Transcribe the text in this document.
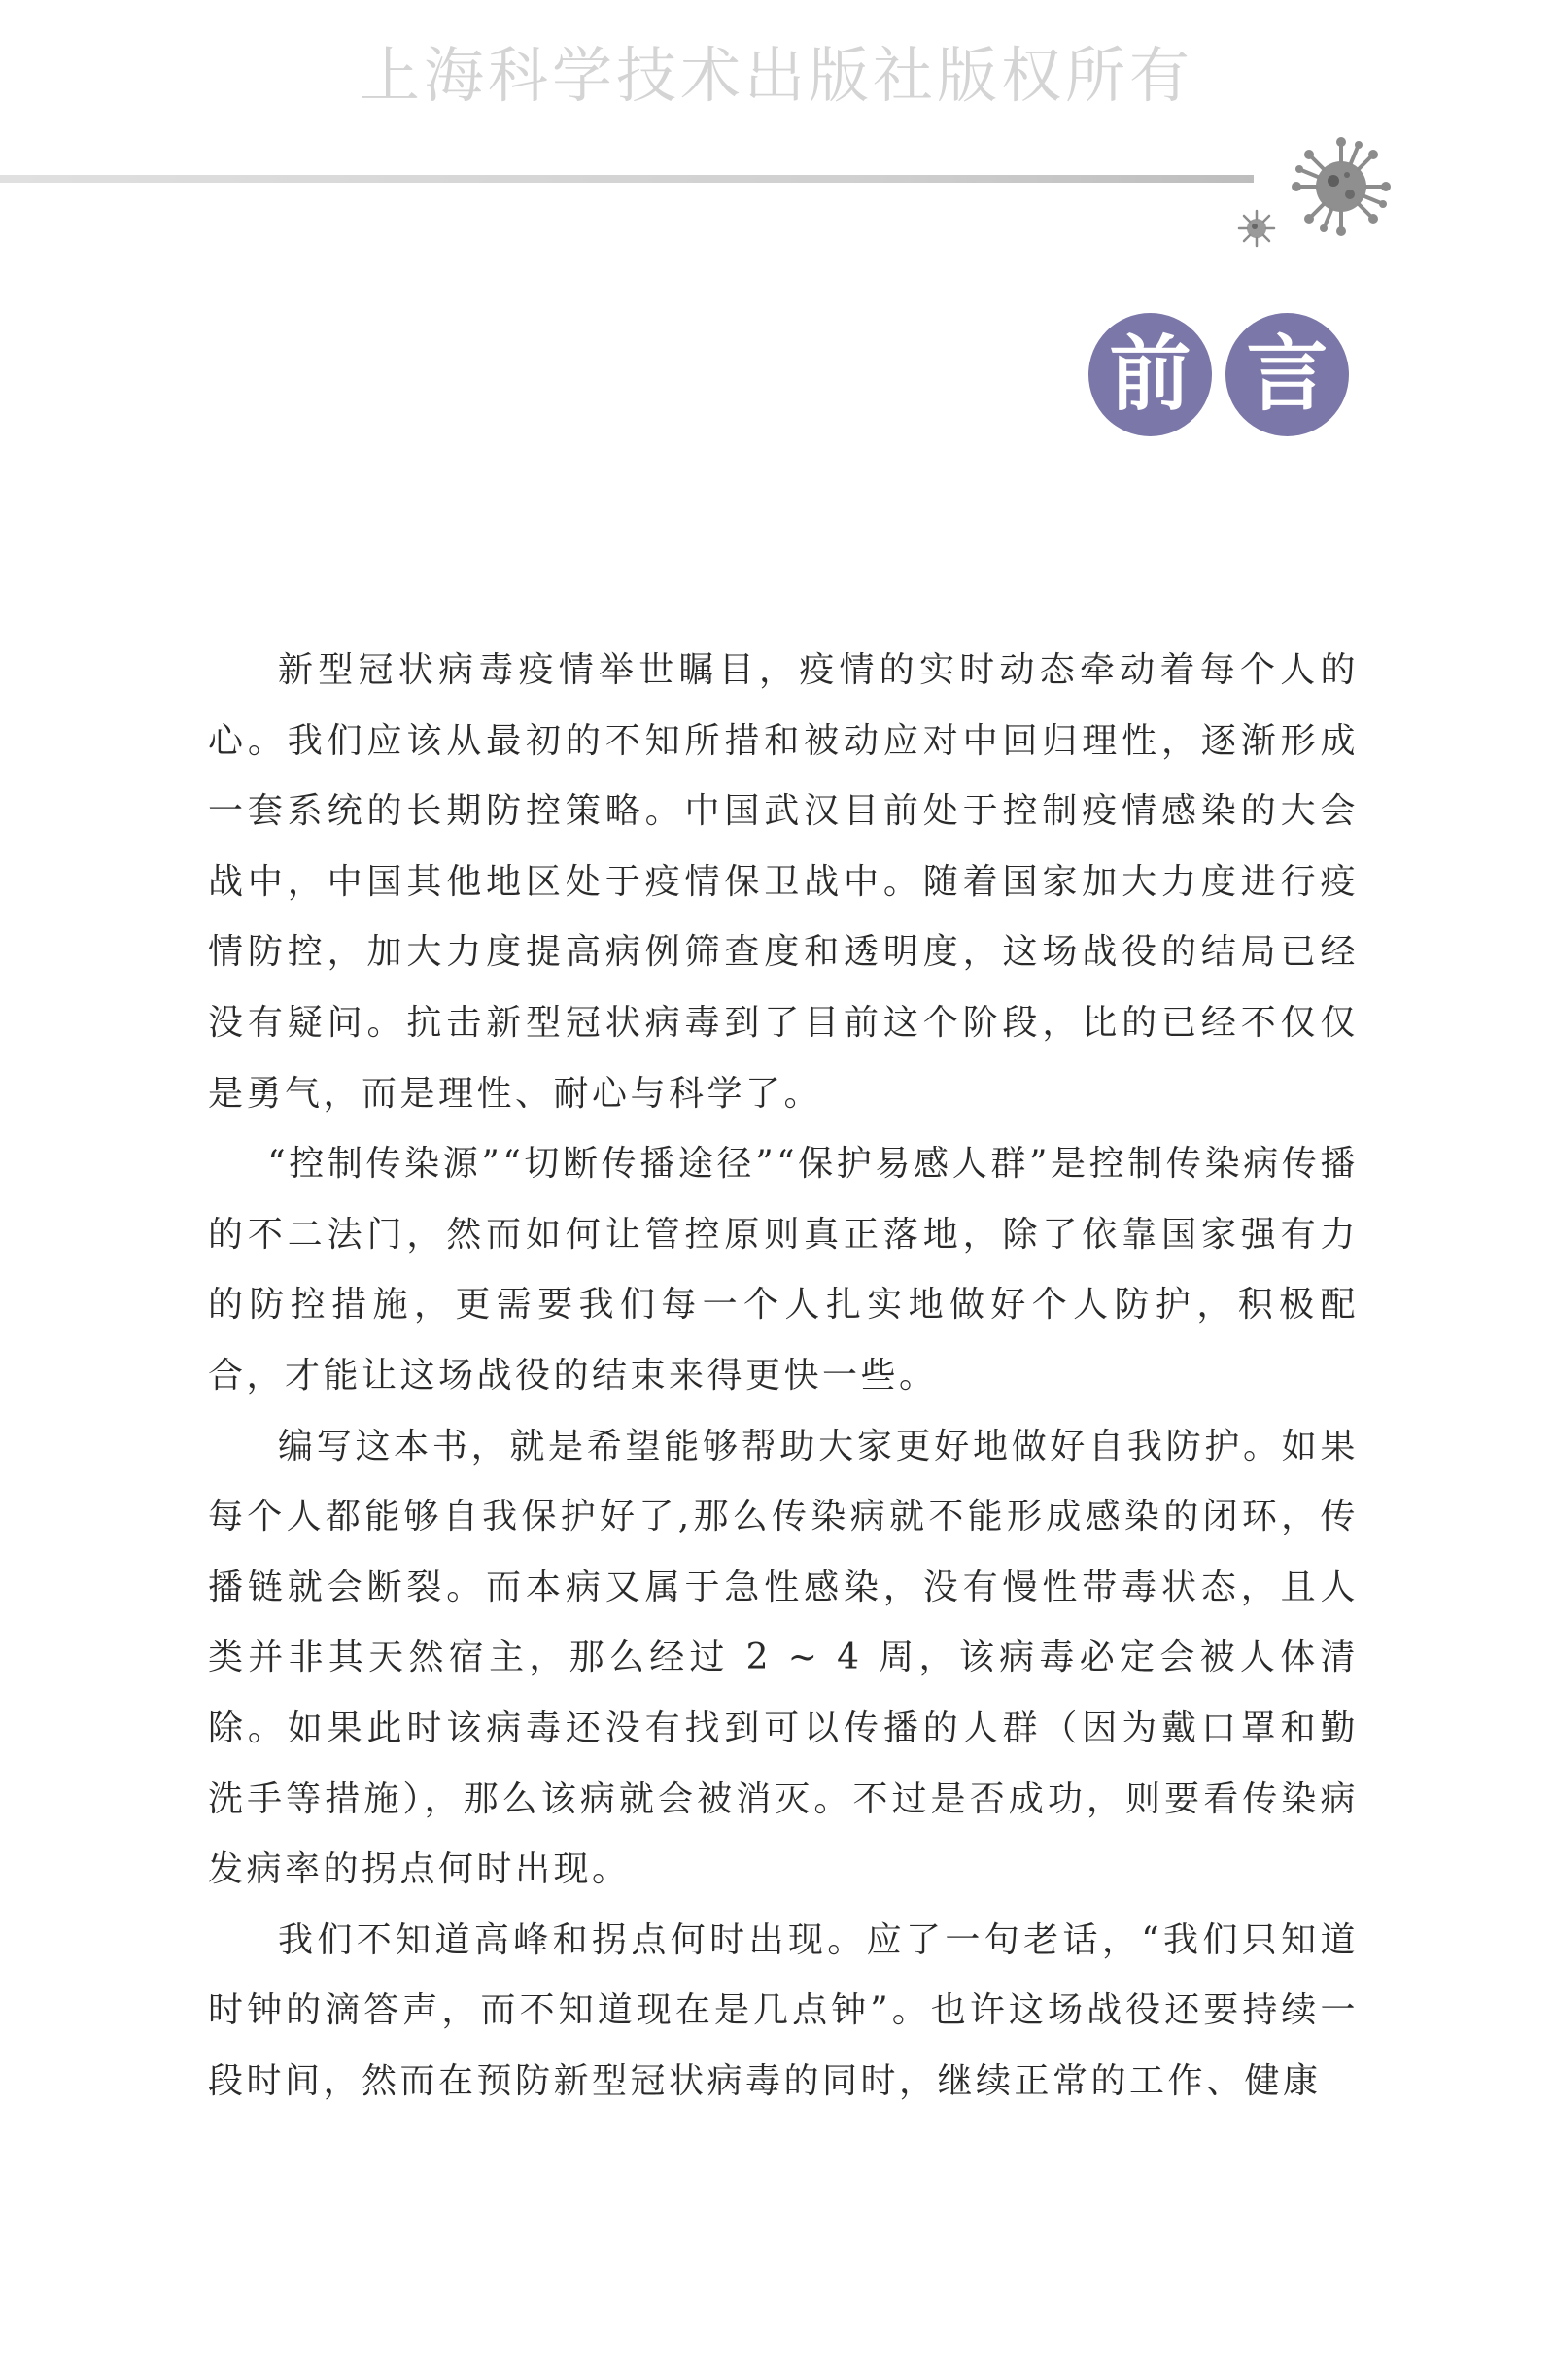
上海科学技术出版社版权所有
前 言

新型冠状病毒疫情举世瞩目，疫情的实时动态牵动着每个人的心。我们应该从最初的不知所措和被动应对中回归理性，逐渐形成一套系统的长期防控策略。中国武汉目前处于控制疫情感染的大会战中，中国其他地区处于疫情保卫战中。随着国家加大力度进行疫情防控，加大力度提高病例筛查度和透明度，这场战役的结局已经没有疑问。抗击新型冠状病毒到了目前这个阶段，比的已经不仅仅是勇气，而是理性、耐心与科学了。

“控制传染源”“切断传播途径”“保护易感人群”是控制传染病传播的不二法门，然而如何让管控原则真正落地，除了依靠国家强有力的防控措施，更需要我们每一个人扎实地做好个人防护，积极配合，才能让这场战役的结束来得更快一些。

编写这本书，就是希望能够帮助大家更好地做好自我防护。如果每个人都能够自我保护好了,那么传染病就不能形成感染的闭环，传播链就会断裂。而本病又属于急性感染，没有慢性带毒状态，且人类并非其天然宿主，那么经过 2 ~ 4 周，该病毒必定会被人体清除。如果此时该病毒还没有找到可以传播的人群（因为戴口罩和勤洗手等措施），那么该病就会被消灭。不过是否成功，则要看传染病发病率的拐点何时出现。

我们不知道高峰和拐点何时出现。应了一句老话，“我们只知道时钟的滴答声，而不知道现在是几点钟”。也许这场战役还要持续一段时间，然而在预防新型冠状病毒的同时，继续正常的工作、健康
